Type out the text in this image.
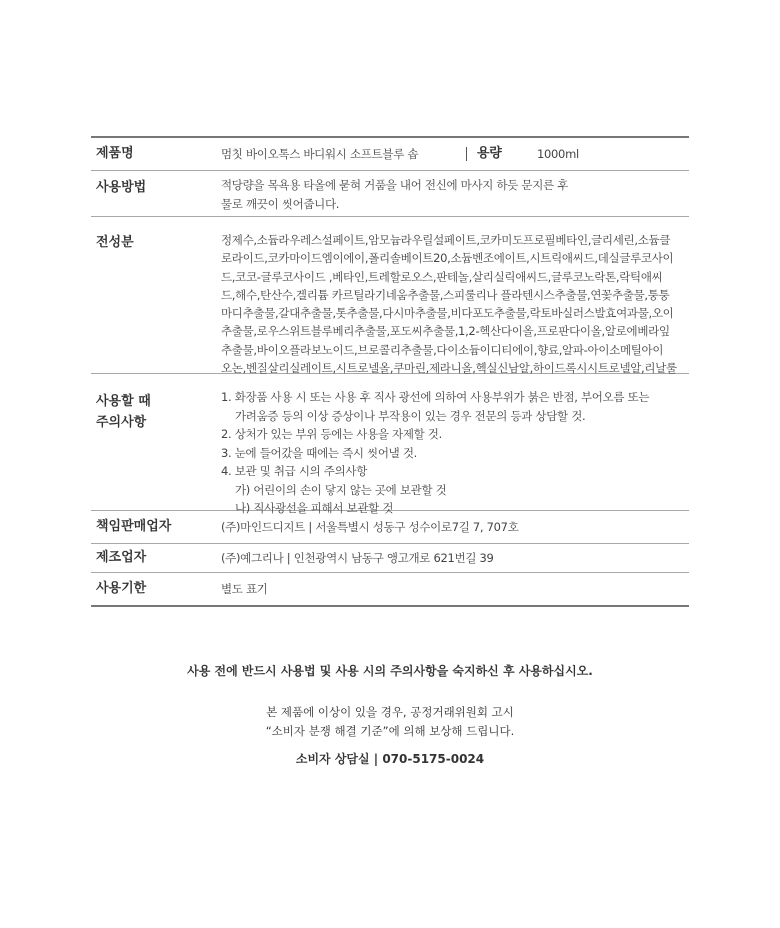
제품명	멈칫 바이오톡스 바디워시 소프트블루 솝	용량	1000ml
사용방법	적당량을 목욕용 타올에 묻혀 거품을 내어 전신에 마사지 하듯 문지른 후
물로 깨끗이 씻어줍니다.
전성분	정제수,소듐라우레스설페이트,암모늄라우릴설페이트,코카미도프로필베타인,글리세린,소듐클
로라이드,코카마이드엠이에이,폴리솔베이트20,소듐벤조에이트,시트릭애씨드,데실글루코사이
드,코코-글루코사이드 ,베타인,트레할로오스,판테놀,살리실릭애씨드,글루코노락톤,락틱애씨
드,해수,탄산수,겔리튬 카르틸라기네움추출물,스피룰리나 플라텐시스추출물,연꽃추출물,퉁퉁
마디추출물,갈대추출물,톳추출물,다시마추출물,비다포도추출물,락토바실러스발효여과물,오이
추출물,로우스위트블루베리추출물,포도씨추출물,1,2-헥산다이올,프로판다이올,알로에베라잎
추출물,바이오플라보노이드,브로콜리추출물,다이소듐이디티에이,향료,알파-아이소메틸아이
오논,벤질살리실레이트,시트로넬올,쿠마린,제라니올,헥실신남알,하이드록시시트로넬알,리날룰
사용할 때
주의사항
1. 화장품 사용 시 또는 사용 후 직사 광선에 의하여 사용부위가 붉은 반점, 부어오름 또는
가려움증 등의 이상 증상이나 부작용이 있는 경우 전문의 등과 상담할 것.
2. 상처가 있는 부위 등에는 사용을 자제할 것.
3. 눈에 들어갔을 때에는 즉시 씻어낼 것.
4. 보관 및 취급 시의 주의사항
가) 어린이의 손이 닿지 않는 곳에 보관할 것
나) 직사광선을 피해서 보관할 것
책임판매업자	(주)마인드디지트 | 서울특별시 성동구 성수이로7길 7, 707호
제조업자	(주)예그리나 | 인천광역시 남동구 앵고개로 621번길 39
사용기한	별도 표기
사용 전에 반드시 사용법 및 사용 시의 주의사항을 숙지하신 후 사용하십시오.
본 제품에 이상이 있을 경우, 공정거래위원회 고시
“소비자 분쟁 해결 기준”에 의해 보상해 드립니다.
소비자 상담실 | 070-5175-0024
